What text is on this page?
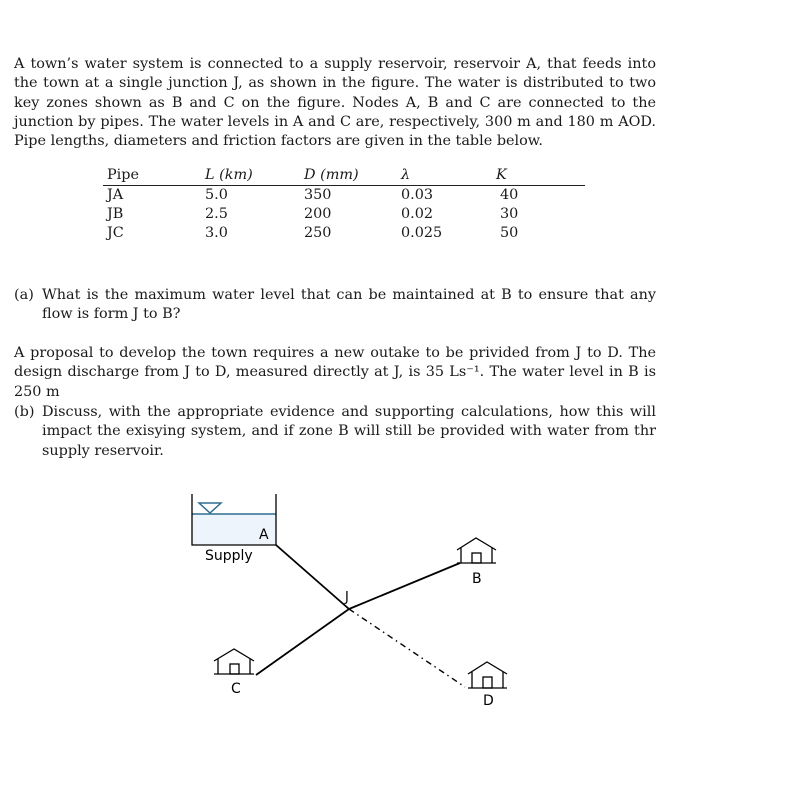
A town’s water system is connected to a supply reservoir, reservoir A, that feeds into the town at a single junction J, as shown in the figure. The water is distributed to two key zones shown as B and C on the figure. Nodes A, B and C are connected to the junction by pipes. The water levels in A and C are, respectively, 300 m and 180 m AOD. Pipe lengths, diameters and friction factors are given in the table below.
Pipe	L (km)	D (mm)	λ	K
JA	5.0	350	0.03	40
JB	2.5	200	0.02	30
JC	3.0	250	0.025	50
(a) What is the maximum water level that can be maintained at B to ensure that any flow is form J to B?
A proposal to develop the town requires a new outake to be privided from J to D. The design discharge from J to D, measured directly at J, is 35 Ls⁻¹. The water level in B is 250 m
(b) Discuss, with the appropriate evidence and supporting calculations, how this will impact the exisying system, and if zone B will still be provided with water from thr supply reservoir.
Supply
A
J
B
C
D
